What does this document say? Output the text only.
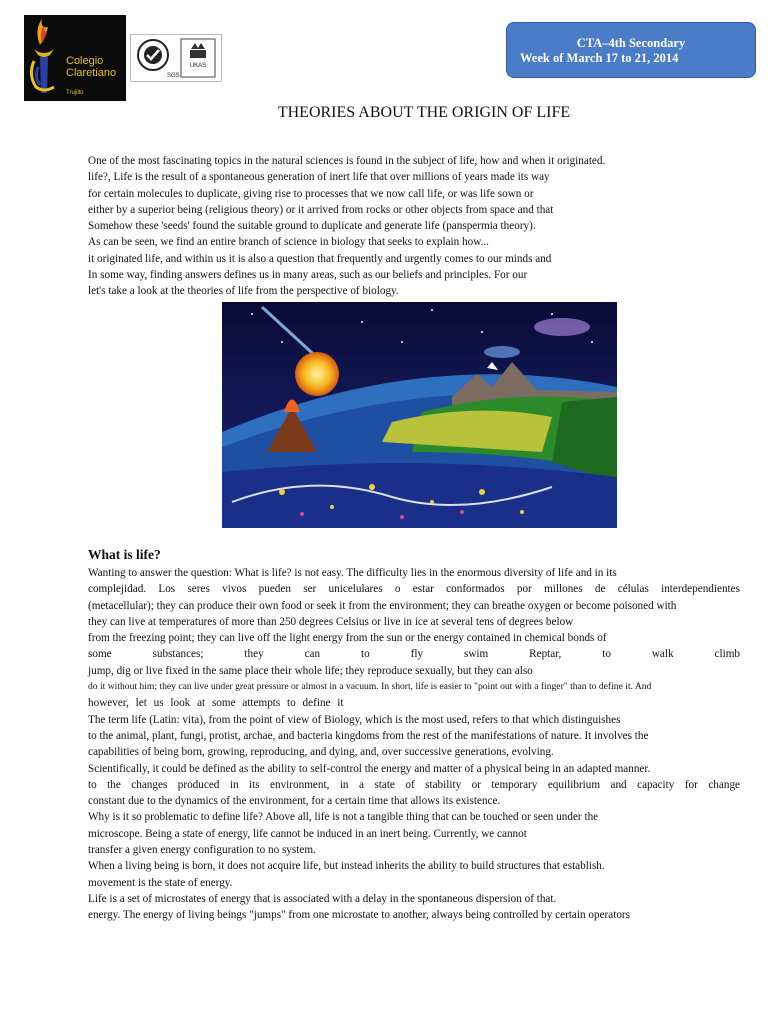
Colegio
Claretiano
Trujillo
SGS
UKAS
CTA–4th Secondary
Week of March 17 to 21, 2014
THEORIES ABOUT THE ORIGIN OF LIFE
One of the most fascinating topics in the natural sciences is found in the subject of life, how and when it originated.
life?, Life is the result of a spontaneous generation of inert life that over millions of years made its way
for certain molecules to duplicate, giving rise to processes that we now call life, or was life sown or
either by a superior being (religious theory) or it arrived from rocks or other objects from space and that
Somehow these 'seeds' found the suitable ground to duplicate and generate life (panspermia theory).
As can be seen, we find an entire branch of science in biology that seeks to explain how...
it originated life, and within us it is also a question that frequently and urgently comes to our minds and
In some way, finding answers defines us in many areas, such as our beliefs and principles. For our
let's take a look at the theories of life from the perspective of biology.
What is life?
Wanting to answer the question: What is life? is not easy. The difficulty lies in the enormous diversity of life and in its
complejidad. Los seres vivos pueden ser unicelulares o estar conformados por millones de células interdependientes
(metacellular); they can produce their own food or seek it from the environment; they can breathe oxygen or become poisoned with
they can live at temperatures of more than 250 degrees Celsius or live in ice at several tens of degrees below
from the freezing point; they can live off the light energy from the sun or the energy contained in chemical bonds of
some substances; they can to fly swim Reptar, to walk climb
jump, dig or live fixed in the same place their whole life; they reproduce sexually, but they can also
do it without him; they can live under great pressure or almost in a vacuum. In short, life is easier to "point out with a finger" than to define it. And
however, let us look at some attempts to define it
The term life (Latin: vita), from the point of view of Biology, which is the most used, refers to that which distinguishes
to the animal, plant, fungi, protist, archae, and bacteria kingdoms from the rest of the manifestations of nature. It involves the
capabilities of being born, growing, reproducing, and dying, and, over successive generations, evolving.
Scientifically, it could be defined as the ability to self-control the energy and matter of a physical being in an adapted manner.
to the changes produced in its environment, in a state of stability or temporary equilibrium and capacity for change
constant due to the dynamics of the environment, for a certain time that allows its existence.
Why is it so problematic to define life? Above all, life is not a tangible thing that can be touched or seen under the
microscope. Being a state of energy, life cannot be induced in an inert being. Currently, we cannot
transfer a given energy configuration to no system.
When a living being is born, it does not acquire life, but instead inherits the ability to build structures that establish.
movement is the state of energy.
Life is a set of microstates of energy that is associated with a delay in the spontaneous dispersion of that.
energy. The energy of living beings "jumps" from one microstate to another, always being controlled by certain operators
